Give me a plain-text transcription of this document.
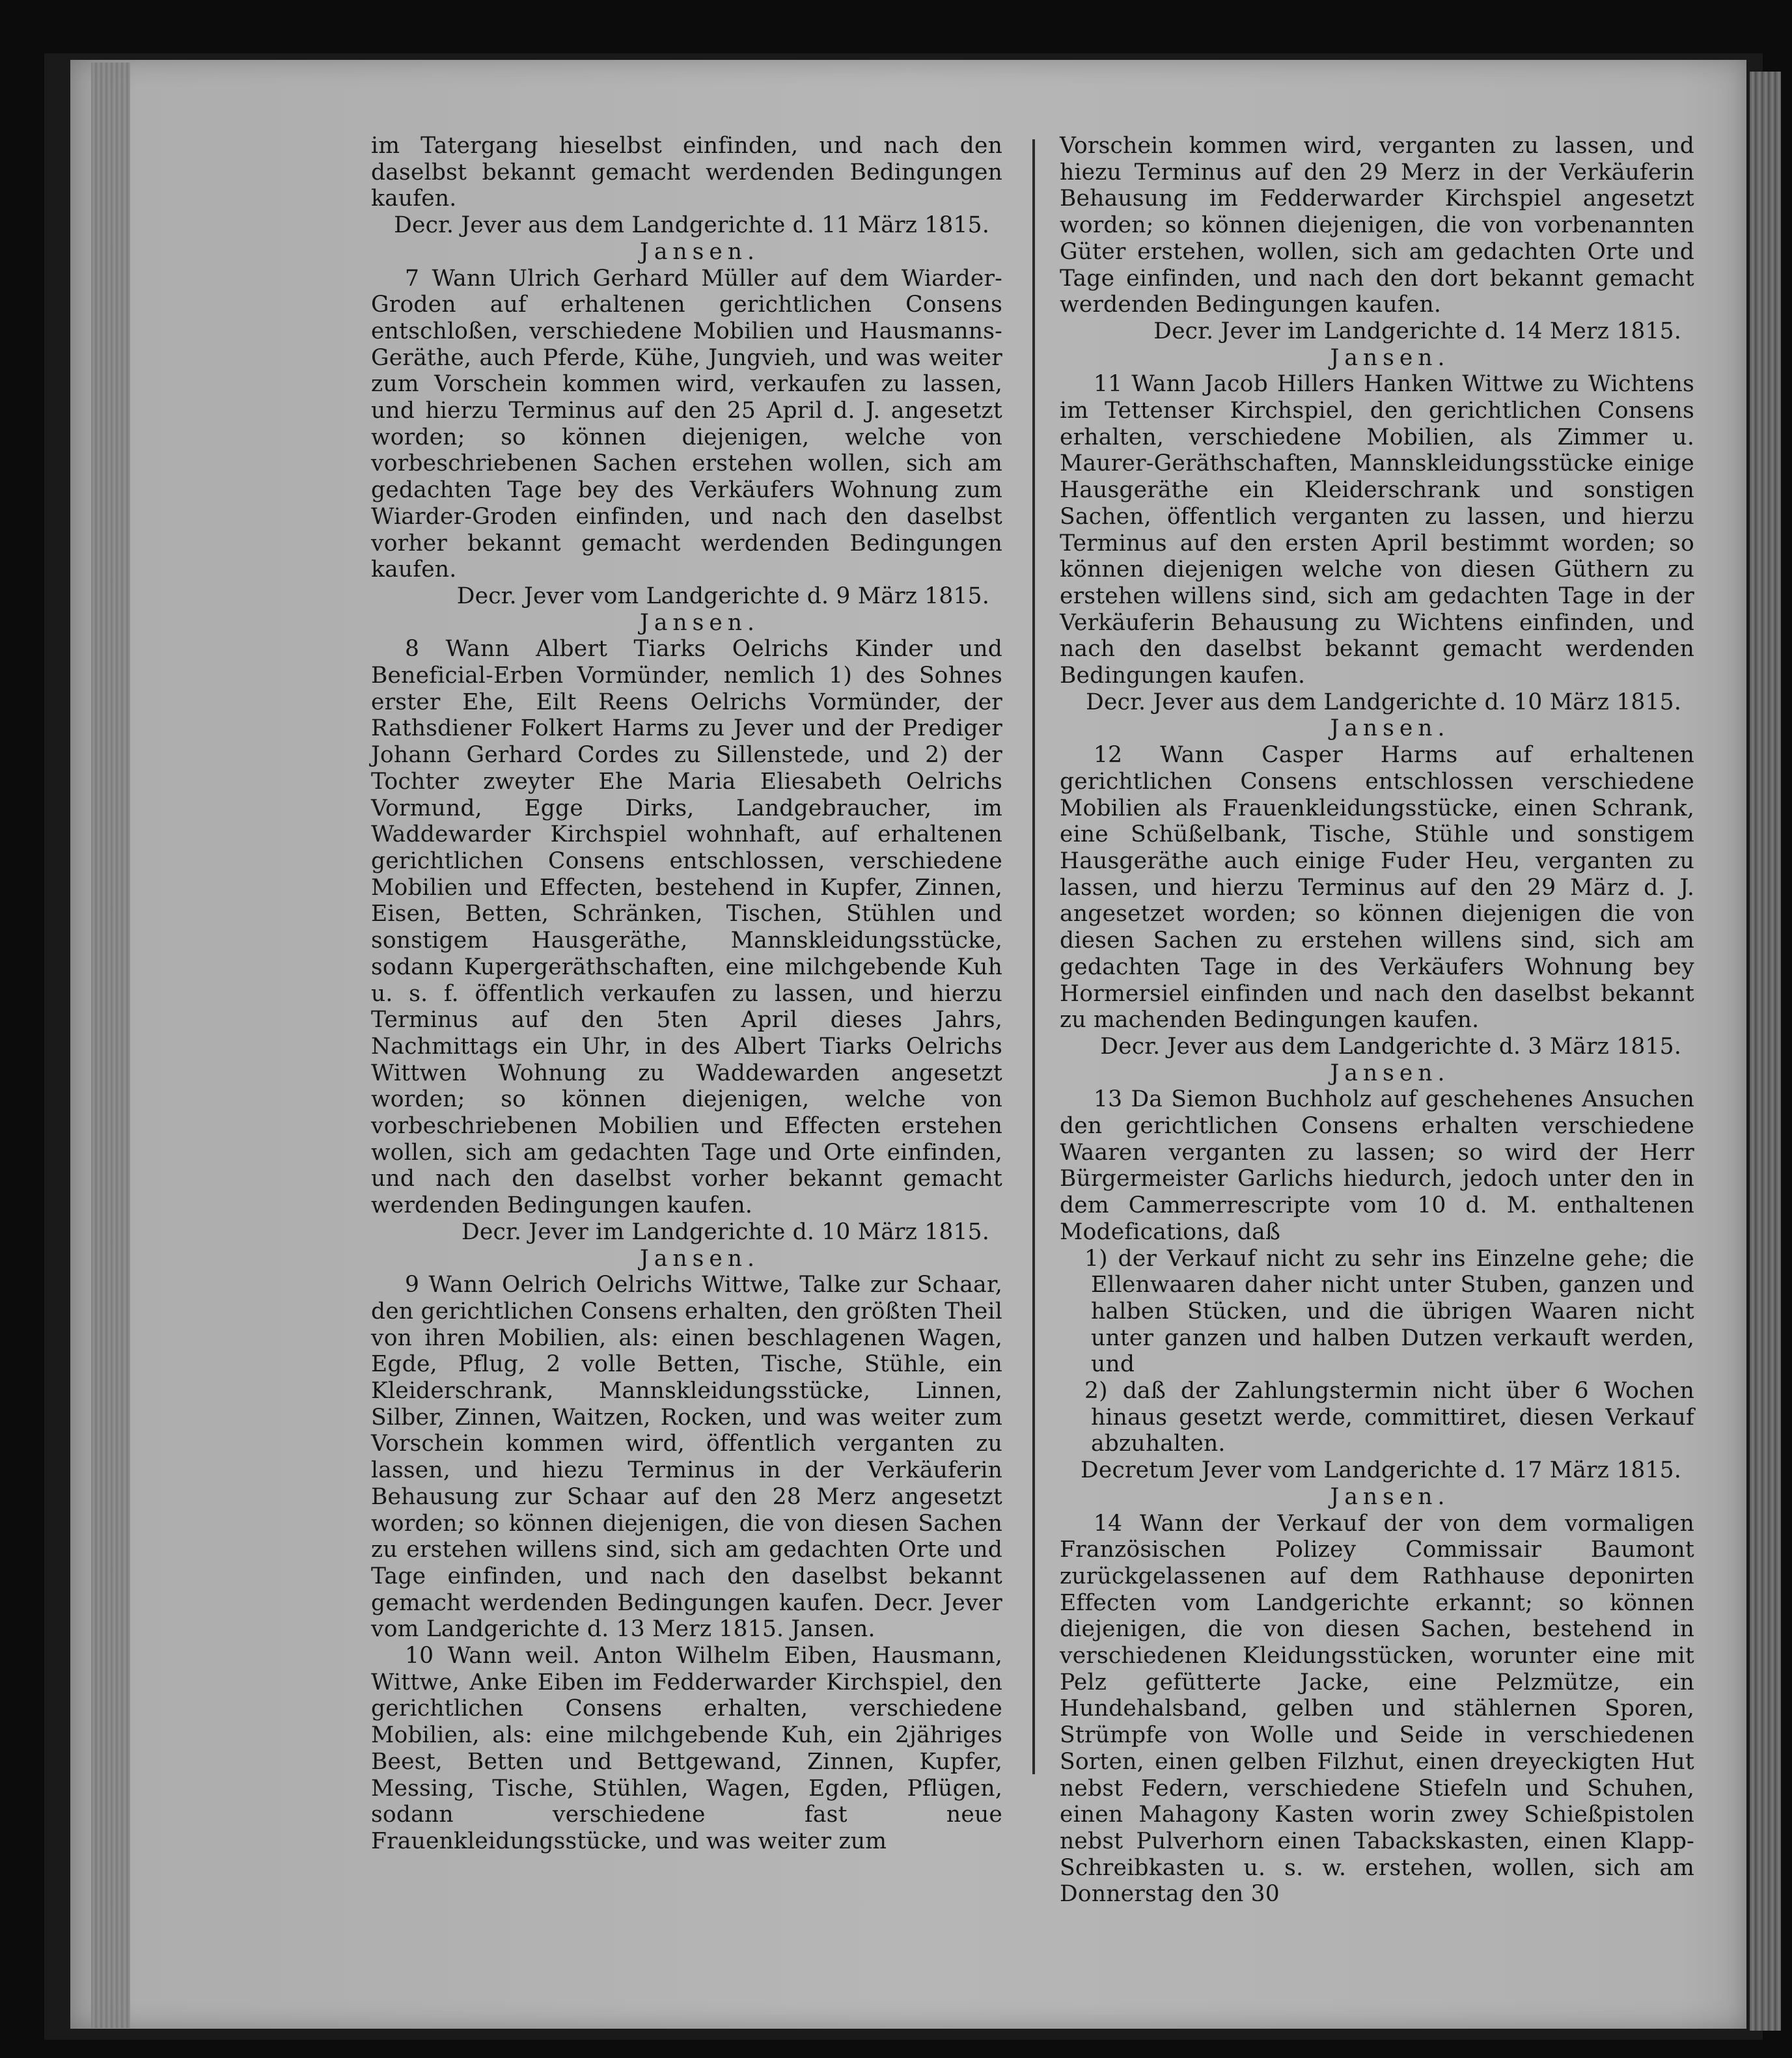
im Tatergang hieselbst einfinden, und nach den daselbst bekannt gemacht werdenden Bedingungen kaufen.

Decr. Jever aus dem Landgerichte d. 11 März 1815.

Jansen.

7 Wann Ulrich Gerhard Müller auf dem Wiarder-Groden auf erhaltenen gerichtlichen Consens entschloßen, verschiedene Mobilien und Hausmanns-Geräthe, auch Pferde, Kühe, Jungvieh, und was weiter zum Vorschein kommen wird, verkaufen zu lassen, und hierzu Terminus auf den 25 April d. J. angesetzt worden; so können diejenigen, welche von vorbeschriebenen Sachen erstehen wollen, sich am gedachten Tage bey des Verkäufers Wohnung zum Wiarder-Groden einfinden, und nach den daselbst vorher bekannt gemacht werdenden Bedingungen kaufen.

Decr. Jever vom Landgerichte d. 9 März 1815.

Jansen.

8 Wann Albert Tiarks Oelrichs Kinder und Beneficial-Erben Vormünder, nemlich 1) des Sohnes erster Ehe, Eilt Reens Oelrichs Vormünder, der Rathsdiener Folkert Harms zu Jever und der Prediger Johann Gerhard Cordes zu Sillenstede, und 2) der Tochter zweyter Ehe Maria Eliesabeth Oelrichs Vormund, Egge Dirks, Landgebraucher, im Waddewarder Kirchspiel wohnhaft, auf erhaltenen gerichtlichen Consens entschlossen, verschiedene Mobilien und Effecten, bestehend in Kupfer, Zinnen, Eisen, Betten, Schränken, Tischen, Stühlen und sonstigem Hausgeräthe, Mannskleidungsstücke, sodann Kupergeräthschaften, eine milchgebende Kuh u. s. f. öffentlich verkaufen zu lassen, und hierzu Terminus auf den 5ten April dieses Jahrs, Nachmittags ein Uhr, in des Albert Tiarks Oelrichs Wittwen Wohnung zu Waddewarden angesetzt worden; so können diejenigen, welche von vorbeschriebenen Mobilien und Effecten erstehen wollen, sich am gedachten Tage und Orte einfinden, und nach den daselbst vorher bekannt gemacht werdenden Bedingungen kaufen.

Decr. Jever im Landgerichte d. 10 März 1815.

Jansen.

9 Wann Oelrich Oelrichs Wittwe, Talke zur Schaar, den gerichtlichen Consens erhalten, den größten Theil von ihren Mobilien, als: einen beschlagenen Wagen, Egde, Pflug, 2 volle Betten, Tische, Stühle, ein Kleiderschrank, Mannskleidungsstücke, Linnen, Silber, Zinnen, Waitzen, Rocken, und was weiter zum Vorschein kommen wird, öffentlich verganten zu lassen, und hiezu Terminus in der Verkäuferin Behausung zur Schaar auf den 28 Merz angesetzt worden; so können diejenigen, die von diesen Sachen zu erstehen willens sind, sich am gedachten Orte und Tage einfinden, und nach den daselbst bekannt gemacht werdenden Bedingungen kaufen. Decr. Jever vom Landgerichte d. 13 Merz 1815. Jansen.

10 Wann weil. Anton Wilhelm Eiben, Hausmann, Wittwe, Anke Eiben im Fedderwarder Kirchspiel, den gerichtlichen Consens erhalten, verschiedene Mobilien, als: eine milchgebende Kuh, ein 2jähriges Beest, Betten und Bettgewand, Zinnen, Kupfer, Messing, Tische, Stühlen, Wagen, Egden, Pflügen, sodann verschiedene fast neue Frauenkleidungsstücke, und was weiter zum

Vorschein kommen wird, verganten zu lassen, und hiezu Terminus auf den 29 Merz in der Verkäuferin Behausung im Fedderwarder Kirchspiel angesetzt worden; so können diejenigen, die von vorbenannten Güter erstehen, wollen, sich am gedachten Orte und Tage einfinden, und nach den dort bekannt gemacht werdenden Bedingungen kaufen.

Decr. Jever im Landgerichte d. 14 Merz 1815.

Jansen.

11 Wann Jacob Hillers Hanken Wittwe zu Wichtens im Tettenser Kirchspiel, den gerichtlichen Consens erhalten, verschiedene Mobilien, als Zimmer u. Maurer-Geräthschaften, Mannskleidungsstücke einige Hausgeräthe ein Kleiderschrank und sonstigen Sachen, öffentlich verganten zu lassen, und hierzu Terminus auf den ersten April bestimmt worden; so können diejenigen welche von diesen Güthern zu erstehen willens sind, sich am gedachten Tage in der Verkäuferin Behausung zu Wichtens einfinden, und nach den daselbst bekannt gemacht werdenden Bedingungen kaufen.

Decr. Jever aus dem Landgerichte d. 10 März 1815.

Jansen.

12 Wann Casper Harms auf erhaltenen gerichtlichen Consens entschlossen verschiedene Mobilien als Frauenkleidungsstücke, einen Schrank, eine Schüßelbank, Tische, Stühle und sonstigem Hausgeräthe auch einige Fuder Heu, verganten zu lassen, und hierzu Terminus auf den 29 März d. J. angesetzet worden; so können diejenigen die von diesen Sachen zu erstehen willens sind, sich am gedachten Tage in des Verkäufers Wohnung bey Hormersiel einfinden und nach den daselbst bekannt zu machenden Bedingungen kaufen.

Decr. Jever aus dem Landgerichte d. 3 März 1815.

Jansen.

13 Da Siemon Buchholz auf geschehenes Ansuchen den gerichtlichen Consens erhalten verschiedene Waaren verganten zu lassen; so wird der Herr Bürgermeister Garlichs hiedurch, jedoch unter den in dem Cammerrescripte vom 10 d. M. enthaltenen Modefications, daß

1) der Verkauf nicht zu sehr ins Einzelne gehe; die Ellenwaaren daher nicht unter Stuben, ganzen und halben Stücken, und die übrigen Waaren nicht unter ganzen und halben Dutzen verkauft werden, und

2) daß der Zahlungstermin nicht über 6 Wochen hinaus gesetzt werde, committiret, diesen Verkauf abzuhalten.

Decretum Jever vom Landgerichte d. 17 März 1815.

Jansen.

14 Wann der Verkauf der von dem vormaligen Französischen Polizey Commissair Baumont zurückgelassenen auf dem Rathhause deponirten Effecten vom Landgerichte erkannt; so können diejenigen, die von diesen Sachen, bestehend in verschiedenen Kleidungsstücken, worunter eine mit Pelz gefütterte Jacke, eine Pelzmütze, ein Hundehalsband, gelben und stählernen Sporen, Strümpfe von Wolle und Seide in verschiedenen Sorten, einen gelben Filzhut, einen dreyeckigten Hut nebst Federn, verschiedene Stiefeln und Schuhen, einen Mahagony Kasten worin zwey Schießpistolen nebst Pulverhorn einen Tabackskasten, einen Klapp-Schreibkasten u. s. w. erstehen, wollen, sich am Donnerstag den 30
